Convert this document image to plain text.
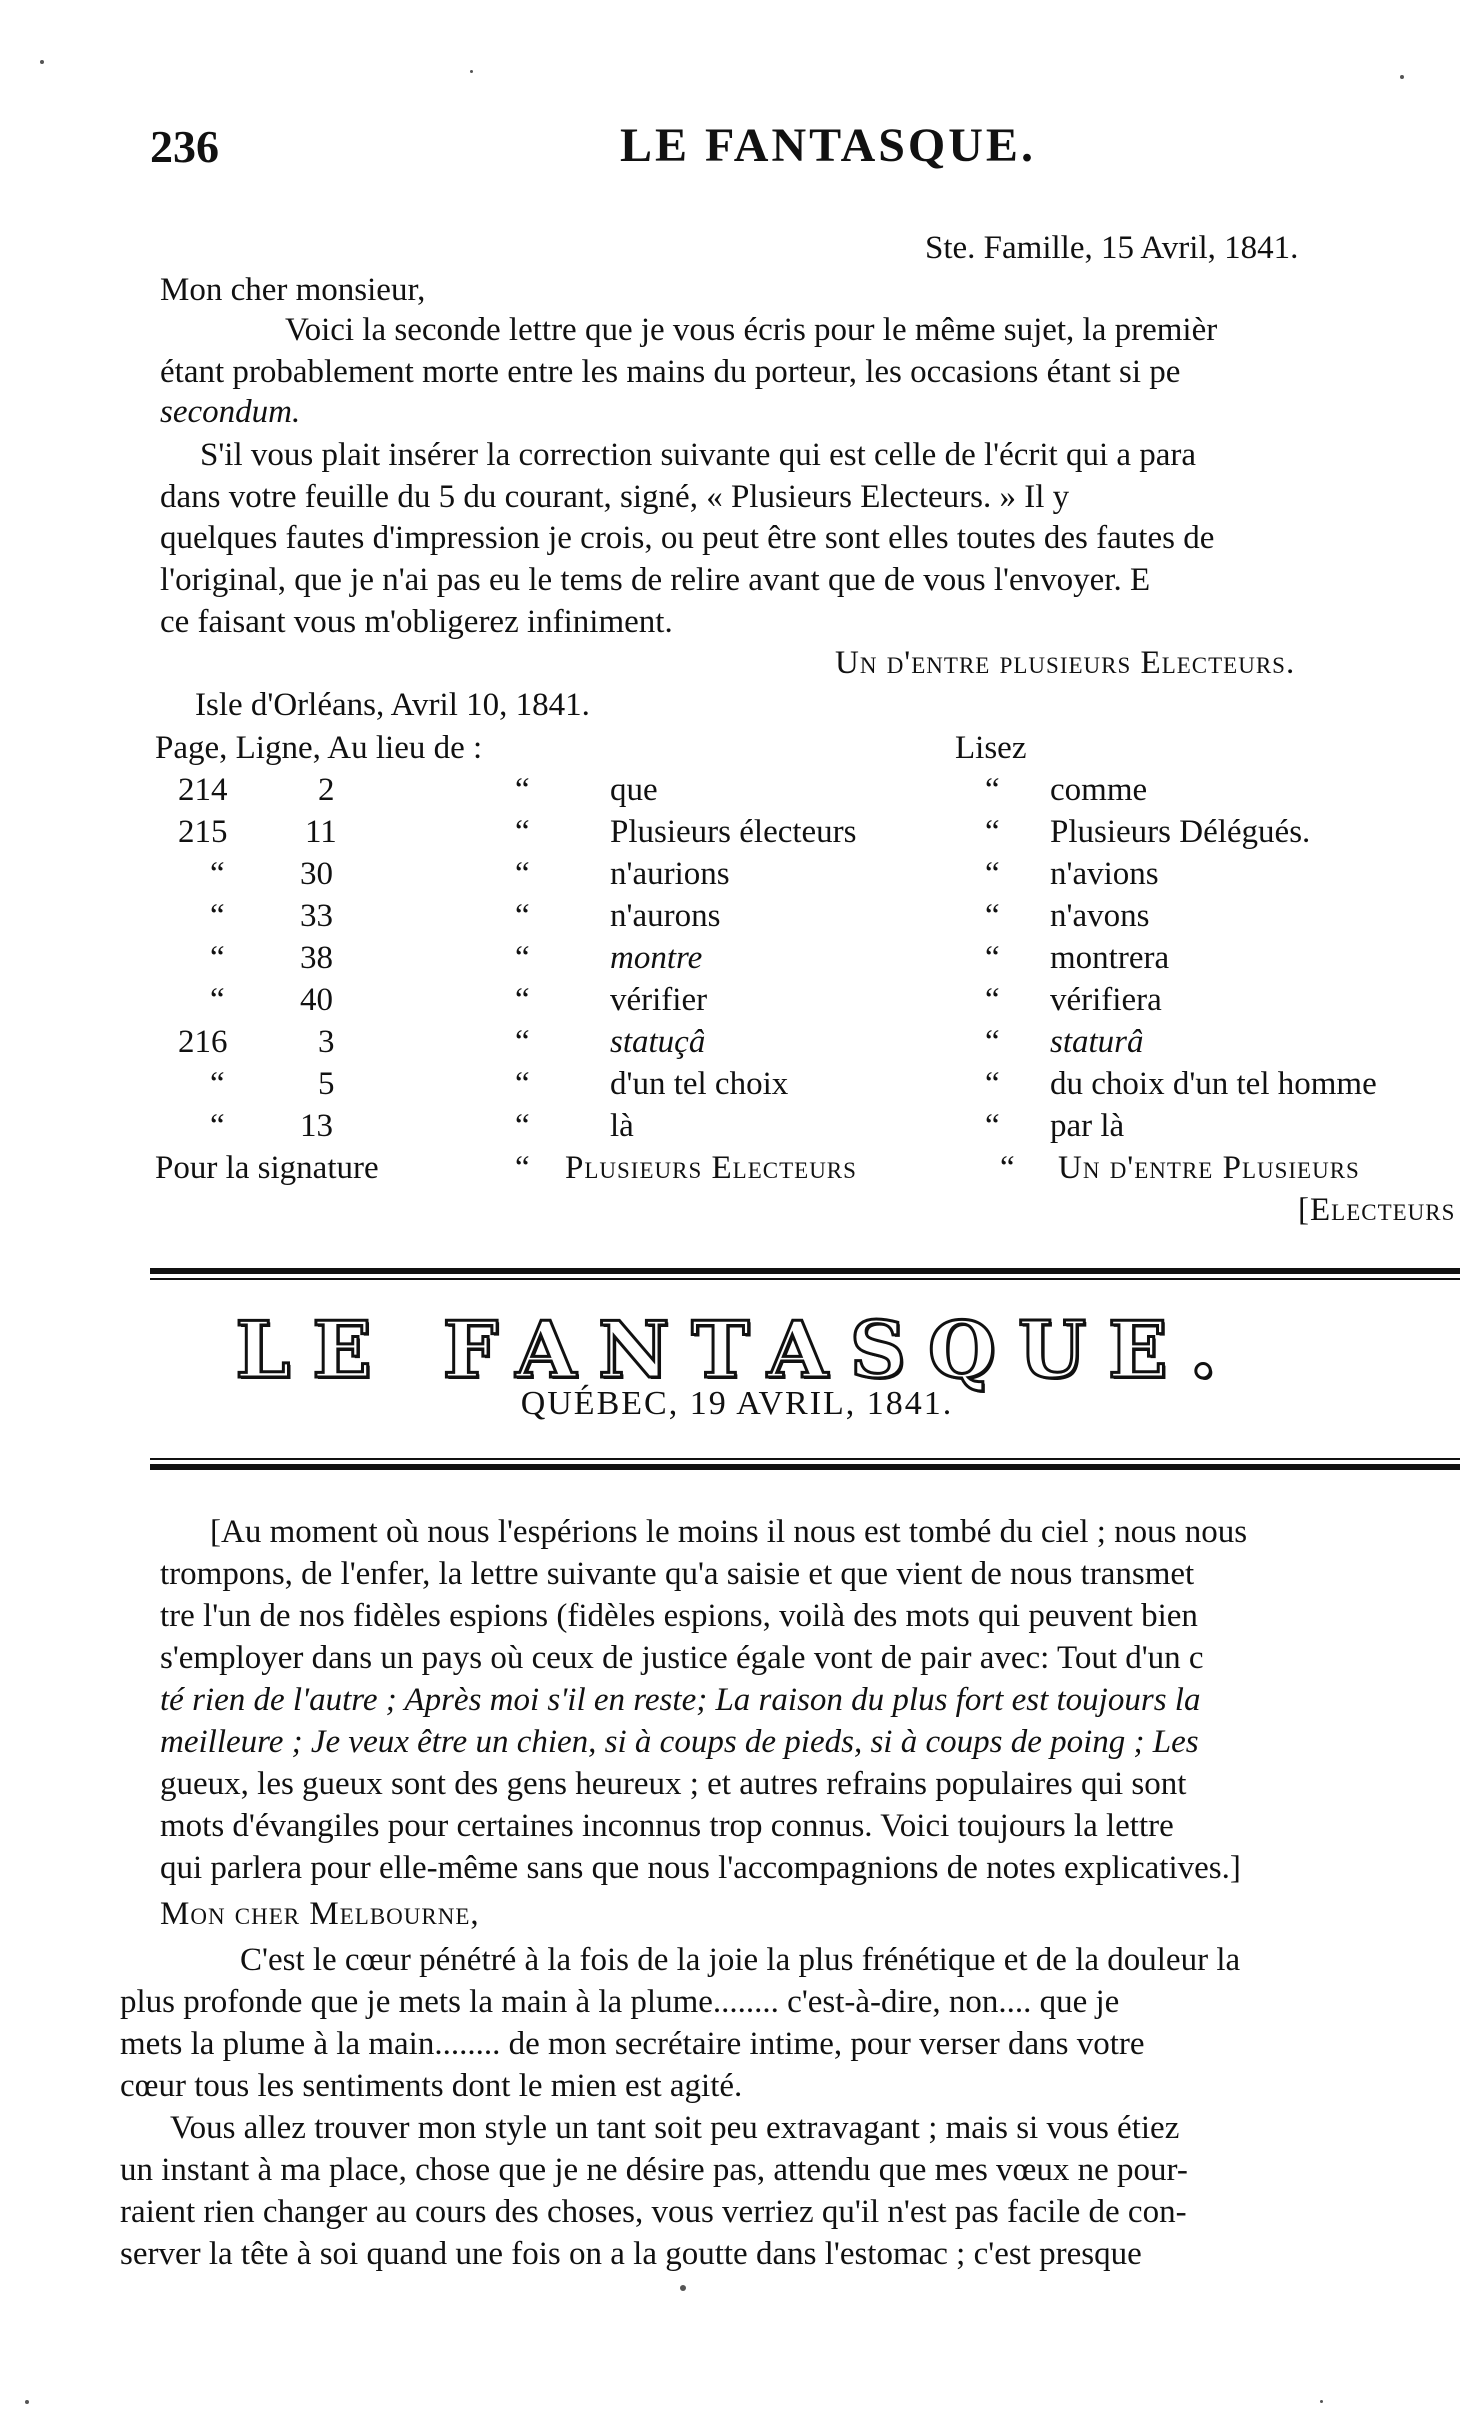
236	LE FANTASQUE.
Ste. Famille, 15 Avril, 1841.
Mon cher monsieur,
Voici la seconde lettre que je vous écris pour le même sujet, la premièr
étant probablement morte entre les mains du porteur, les occasions étant si pe
secondum.
S'il vous plait insérer la correction suivante qui est celle de l'écrit qui a para
dans votre feuille du 5 du courant, signé, « Plusieurs Electeurs. » Il y
quelques fautes d'impression je crois, ou peut être sont elles toutes des fautes de
l'original, que je n'ai pas eu le tems de relire avant que de vous l'envoyer. E
ce faisant vous m'obligerez infiniment.
Un d'entre plusieurs Electeurs.
Isle d'Orléans, Avril 10, 1841.
Page, Ligne, Au lieu de :	Lisez
214	2	“ que	“ comme
215 11	“ Plusieurs électeurs	“ Plusieurs Délégués.
“ 30	“ n'aurions	“ n'avions
“ 33	“ n'aurons	“ n'avons
“ 38	“ montre	“ montrera
“ 40	“ vérifier	“ vérifiera
216	3	“ statuçâ	“ staturâ
“	5	“ d'un tel choix	“ du choix d'un tel homme
“ 13	“ là	“ par là
Pour la signature	“ Plusieurs Electeurs	“ Un d'entre Plusieurs
[Electeurs
LE FANTASQUE.
QUÉBEC, 19 AVRIL, 1841.
[Au moment où nous l'espérions le moins il nous est tombé du ciel ; nous nous
trompons, de l'enfer, la lettre suivante qu'a saisie et que vient de nous transmet
tre l'un de nos fidèles espions (fidèles espions, voilà des mots qui peuvent bien
s'employer dans un pays où ceux de justice égale vont de pair avec: Tout d'un c
té rien de l'autre ; Après moi s'il en reste; La raison du plus fort est toujours la
meilleure ; Je veux être un chien, si à coups de pieds, si à coups de poing ; Les
gueux, les gueux sont des gens heureux ; et autres refrains populaires qui sont
mots d'évangiles pour certaines inconnus trop connus. Voici toujours la lettre
qui parlera pour elle-même sans que nous l'accompagnions de notes explicatives.]
Mon cher Melbourne,
C'est le cœur pénétré à la fois de la joie la plus frénétique et de la douleur la
plus profonde que je mets la main à la plume........ c'est-à-dire, non.... que je
mets la plume à la main........ de mon secrétaire intime, pour verser dans votre
cœur tous les sentiments dont le mien est agité.
Vous allez trouver mon style un tant soit peu extravagant ; mais si vous étiez
un instant à ma place, chose que je ne désire pas, attendu que mes vœux ne pour-
raient rien changer au cours des choses, vous verriez qu'il n'est pas facile de con-
server la tête à soi quand une fois on a la goutte dans l'estomac ; c'est presque
